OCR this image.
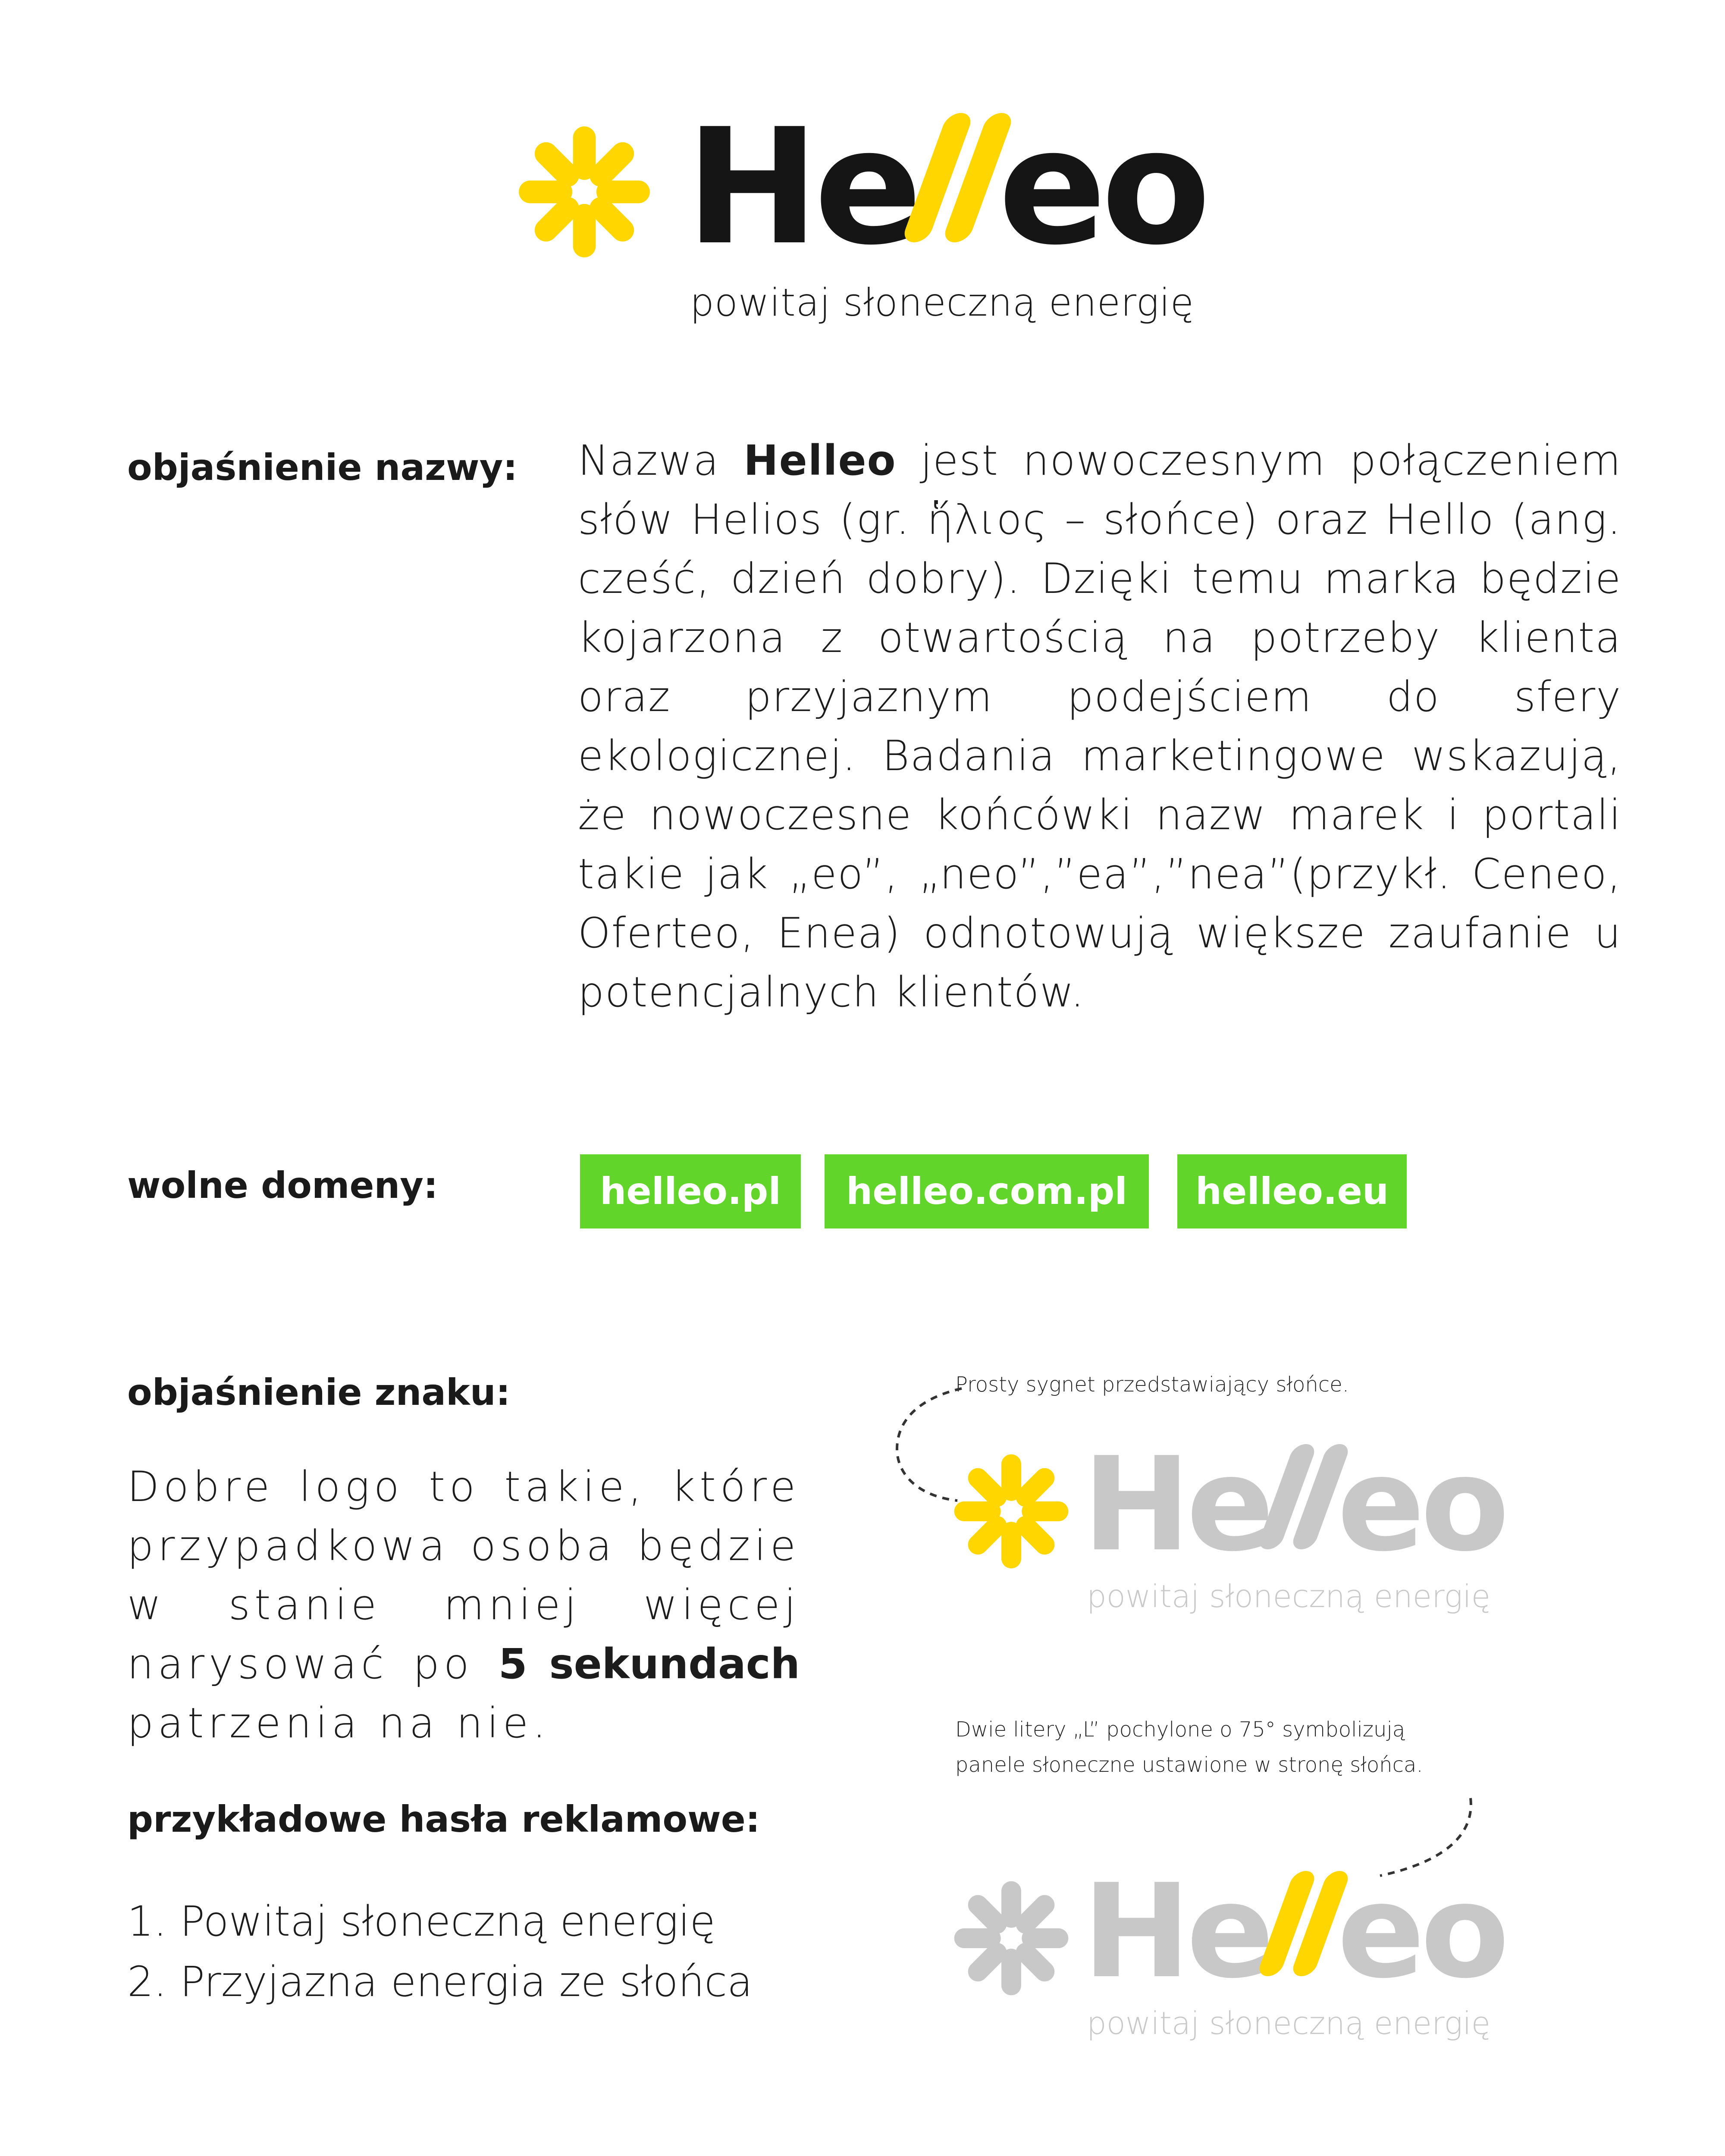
He eo
powitaj słoneczną energię
objaśnienie nazwy: Nazwa Helleo jest nowoczesnym połączeniem słów Helios (gr. ἥλιος – słońce) oraz Hello (ang. cześć, dzień dobry). Dzięki temu marka będzie kojarzona z otwartością na potrzeby klienta oraz przyjaznym podejściem do sfery ekologicznej. Badania marketingowe wskazują, że nowoczesne końcówki nazw marek i portali takie jak „eo”, „neo”,”ea”,”nea”(przykł. Ceneo, Oferteo, Enea) odnotowują większe zaufanie u potencjalnych klientów.
wolne domeny:	helleo.pl	helleo.com.pl	helleo.eu
objaśnienie znaku:
Dobre logo to takie, które przypadkowa osoba będzie w stanie mniej więcej narysować po 5 sekundach patrzenia na nie.
przykładowe hasła reklamowe:
1. Powitaj słoneczną energię
2. Przyjazna energia ze słońca
Prosty sygnet przedstawiający słońce.
Dwie litery „L” pochylone o 75° symbolizują
panele słoneczne ustawione w stronę słońca.
He eo
powitaj słoneczną energię
He eo
powitaj słoneczną energię
